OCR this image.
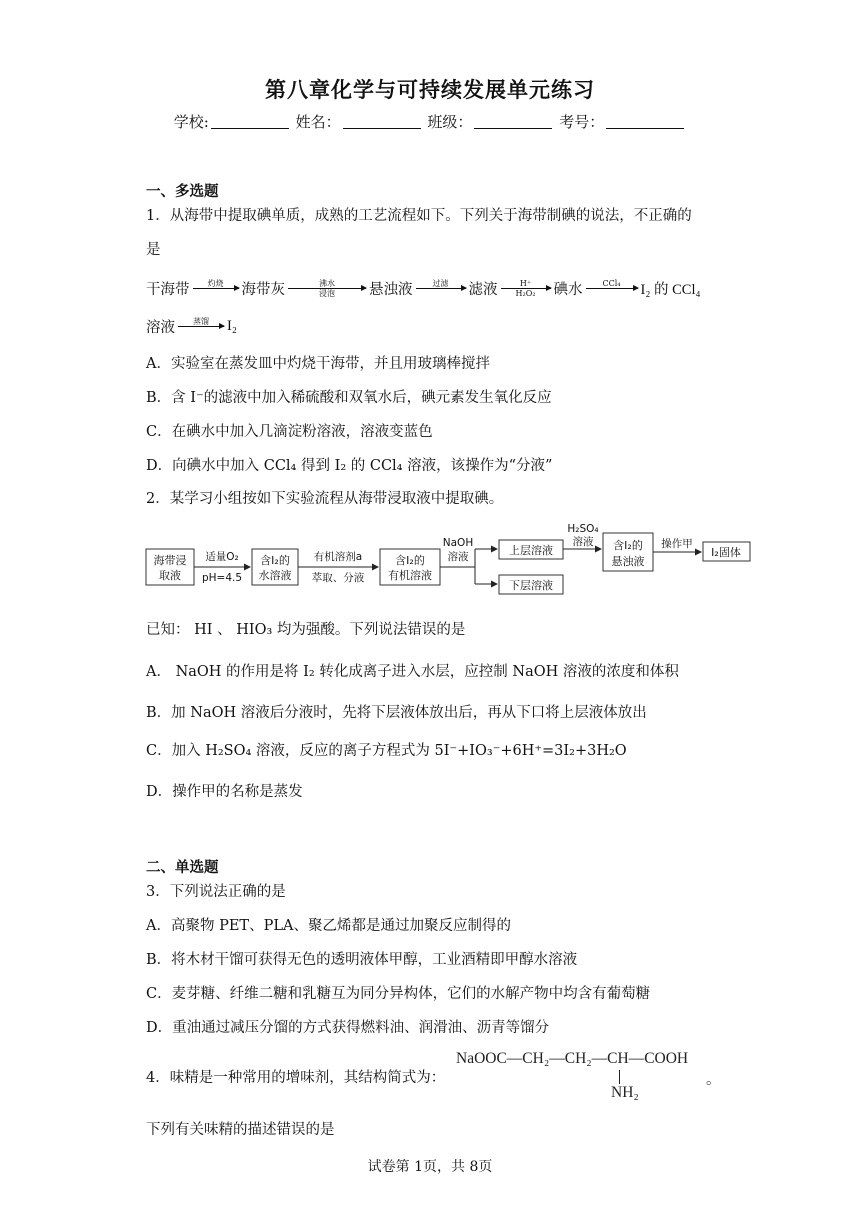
第八章化学与可持续发展单元练习
学校:	姓名：	班级：	考号：
一、多选题
1．从海带中提取碘单质，成熟的工艺流程如下。下列关于海带制碘的说法，不正确的
是
干海带 灼烧 海带灰	沸水
浸泡 悬浊液	过滤 滤液	H⁺
H₂O₂ 碘水 CCl₄ I₂ 的 CCl₄
溶液 蒸馏 I₂
A．实验室在蒸发皿中灼烧干海带，并且用玻璃棒搅拌
B．含 I⁻的滤液中加入稀硫酸和双氧水后，碘元素发生氧化反应
C．在碘水中加入几滴淀粉溶液，溶液变蓝色
D．向碘水中加入 CCl₄ 得到 I₂ 的 CCl₄ 溶液，该操作为“分液”
2．某学习小组按如下实验流程从海带浸取液中提取碘。
海带浸
取液
适量O₂
pH=4.5
含I₂的
水溶液
有机溶剂a
萃取、分液
含I₂的
有机溶液
NaOH
溶液	上层溶液
下层溶液
H₂SO₄
溶液 含I₂的
悬浊液
操作甲
I₂固体
已知： HI 、 HIO₃ 均为强酸。下列说法错误的是
A． NaOH 的作用是将 I₂ 转化成离子进入水层，应控制 NaOH 溶液的浓度和体积
B．加 NaOH 溶液后分液时，先将下层液体放出后，再从下口将上层液体放出
C．加入 H₂SO₄ 溶液，反应的离子方程式为 5I⁻+IO₃⁻+6H⁺=3I₂+3H₂O
D．操作甲的名称是蒸发
二、单选题
3．下列说法正确的是
A．高聚物 PET、PLA、聚乙烯都是通过加聚反应制得的
B．将木材干馏可获得无色的透明液体甲醇，工业酒精即甲醇水溶液
C．麦芽糖、纤维二糖和乳糖互为同分异构体，它们的水解产物中均含有葡萄糖
D．重油通过减压分馏的方式获得燃料油、润滑油、沥青等馏分
4．味精是一种常用的增味剂，其结构简式为：
NaOOC—CH₂—CH₂—CH—COOH
NH₂
。
下列有关味精的描述错误的是
试卷第 1页，共 8页
